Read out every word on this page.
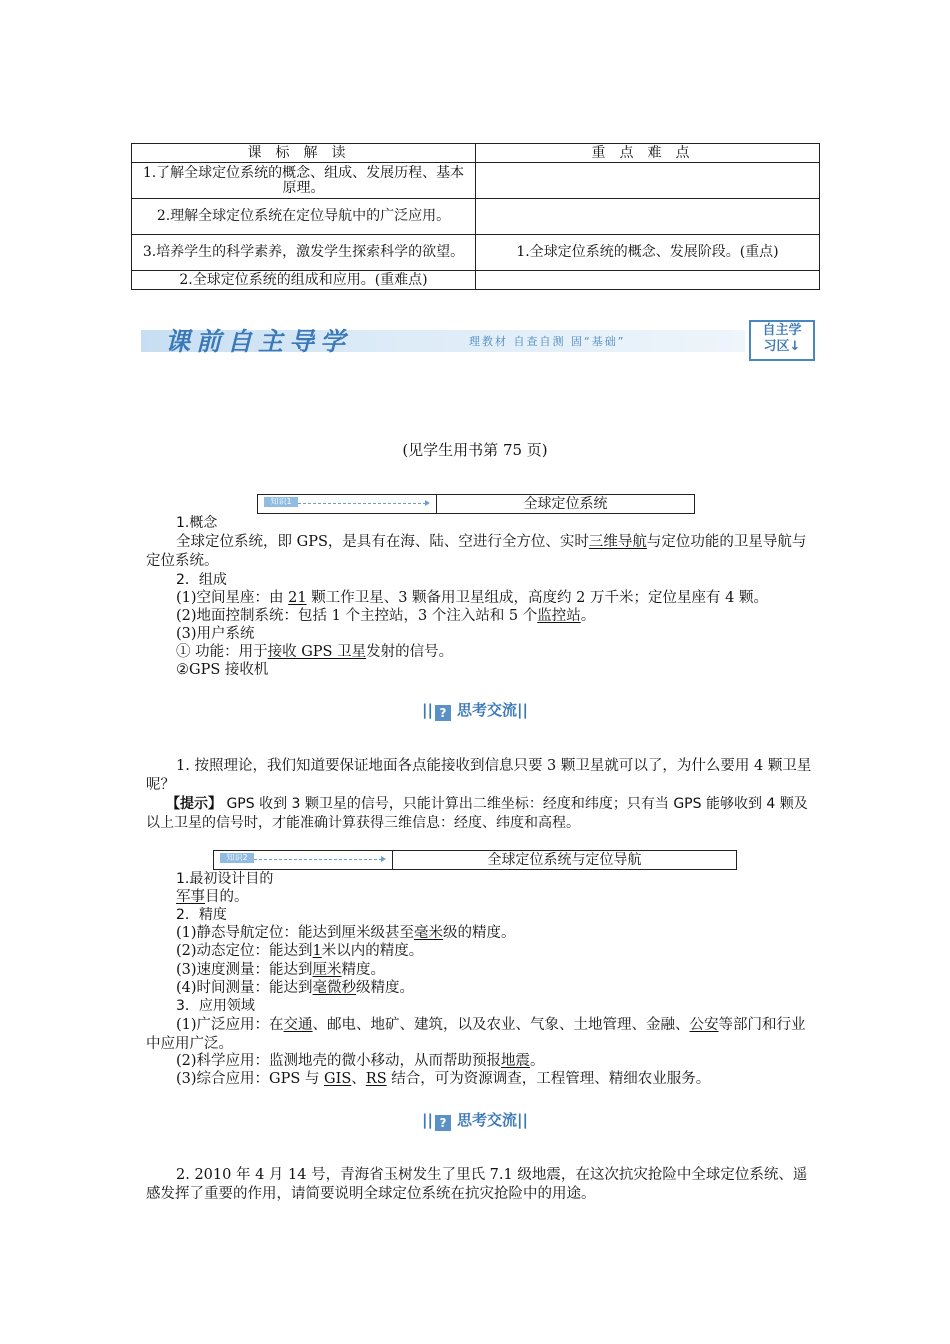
课标解读	重点难点
1.了解全球定位系统的概念、组成、发展历程、基本原理。	
2.理解全球定位系统在定位导航中的广泛应用。	
3.培养学生的科学素养，激发学生探索科学的欲望。	1.全球定位系统的概念、发展阶段。(重点)
2.全球定位系统的组成和应用。(重难点)	
课前自主导学	理教材 自查自测 固“基础”
自主学
习区↓
(见学生用书第 75 页)
知识1	全球定位系统
1.概念
全球定位系统，即 GPS，是具有在海、陆、空进行全方位、实时三维导航与定位功能的卫星导航与定位系统。
2．组成
(1)空间星座：由 21 颗工作卫星、3 颗备用卫星组成，高度约 2 万千米；定位星座有 4 颗。
(2)地面控制系统：包括 1 个主控站，3 个注入站和 5 个监控站。
(3)用户系统
① 功能：用于接收 GPS 卫星发射的信号。
②GPS 接收机
|| ? 思考交流||
1. 按照理论，我们知道要保证地面各点能接收到信息只要 3 颗卫星就可以了，为什么要用 4 颗卫星呢？
【提示】 GPS 收到 3 颗卫星的信号，只能计算出二维坐标：经度和纬度；只有当 GPS 能够收到 4 颗及以上卫星的信号时，才能准确计算获得三维信息：经度、纬度和高程。
知识2	全球定位系统与定位导航
1.最初设计目的
军事目的。
2．精度
(1)静态导航定位：能达到厘米级甚至毫米级的精度。
(2)动态定位：能达到1米以内的精度。
(3)速度测量：能达到厘米精度。
(4)时间测量：能达到毫微秒级精度。
3．应用领域
(1)广泛应用：在交通、邮电、地矿、建筑，以及农业、气象、土地管理、金融、公安等部门和行业中应用广泛。
(2)科学应用：监测地壳的微小移动，从而帮助预报地震。
(3)综合应用：GPS 与 GIS、RS 结合，可为资源调查，工程管理、精细农业服务。
|| ? 思考交流||
2. 2010 年 4 月 14 号，青海省玉树发生了里氏 7.1 级地震，在这次抗灾抢险中全球定位系统、遥感发挥了重要的作用，请简要说明全球定位系统在抗灾抢险中的用途。
